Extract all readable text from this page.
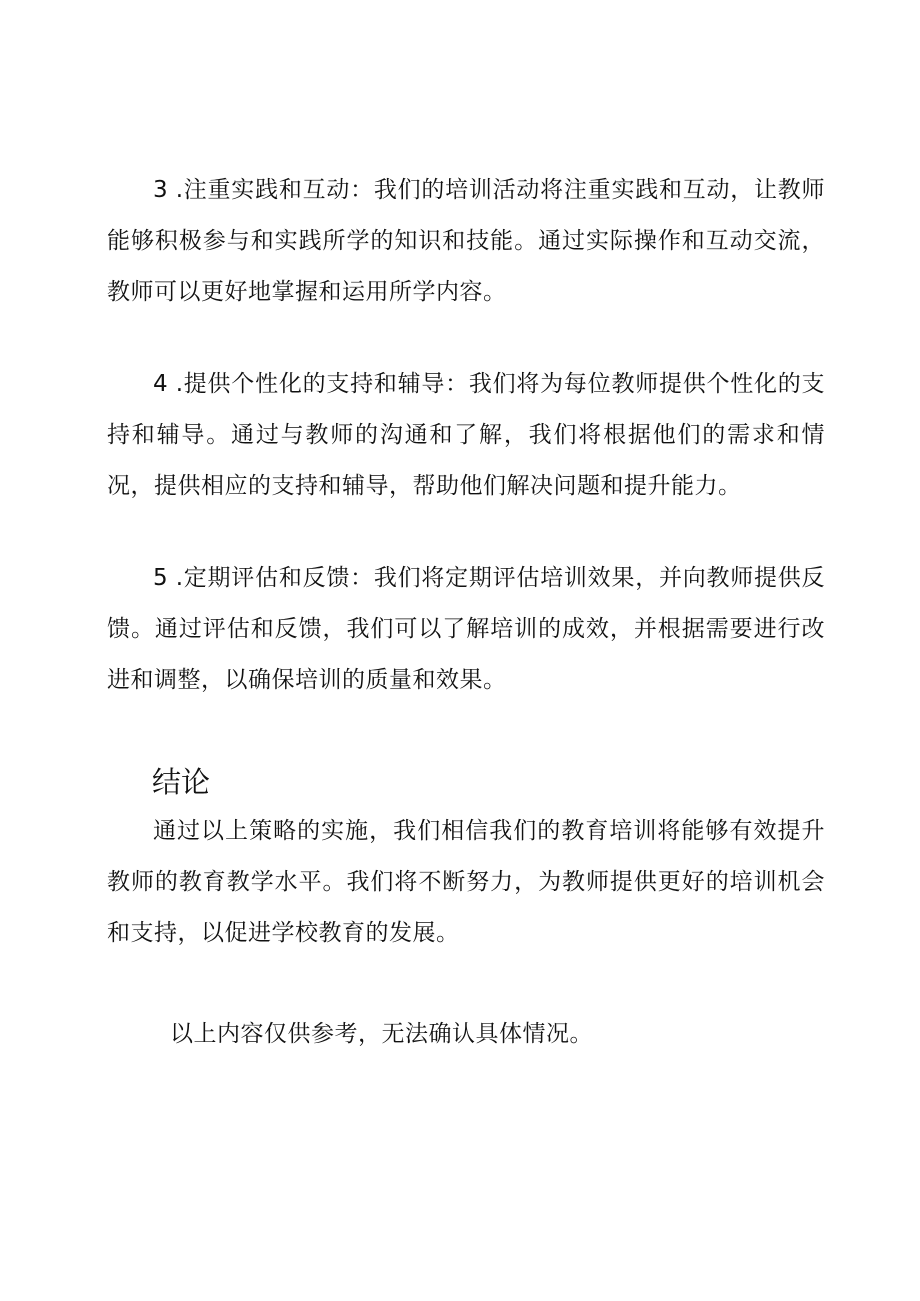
3 .注重实践和互动：我们的培训活动将注重实践和互动，让教师能够积极参与和实践所学的知识和技能。通过实际操作和互动交流，教师可以更好地掌握和运用所学内容。

4 .提供个性化的支持和辅导：我们将为每位教师提供个性化的支持和辅导。通过与教师的沟通和了解，我们将根据他们的需求和情况，提供相应的支持和辅导，帮助他们解决问题和提升能力。

5 .定期评估和反馈：我们将定期评估培训效果，并向教师提供反馈。通过评估和反馈，我们可以了解培训的成效，并根据需要进行改进和调整，以确保培训的质量和效果。

结论

通过以上策略的实施，我们相信我们的教育培训将能够有效提升教师的教育教学水平。我们将不断努力，为教师提供更好的培训机会和支持，以促进学校教育的发展。

以上内容仅供参考，无法确认具体情况。
